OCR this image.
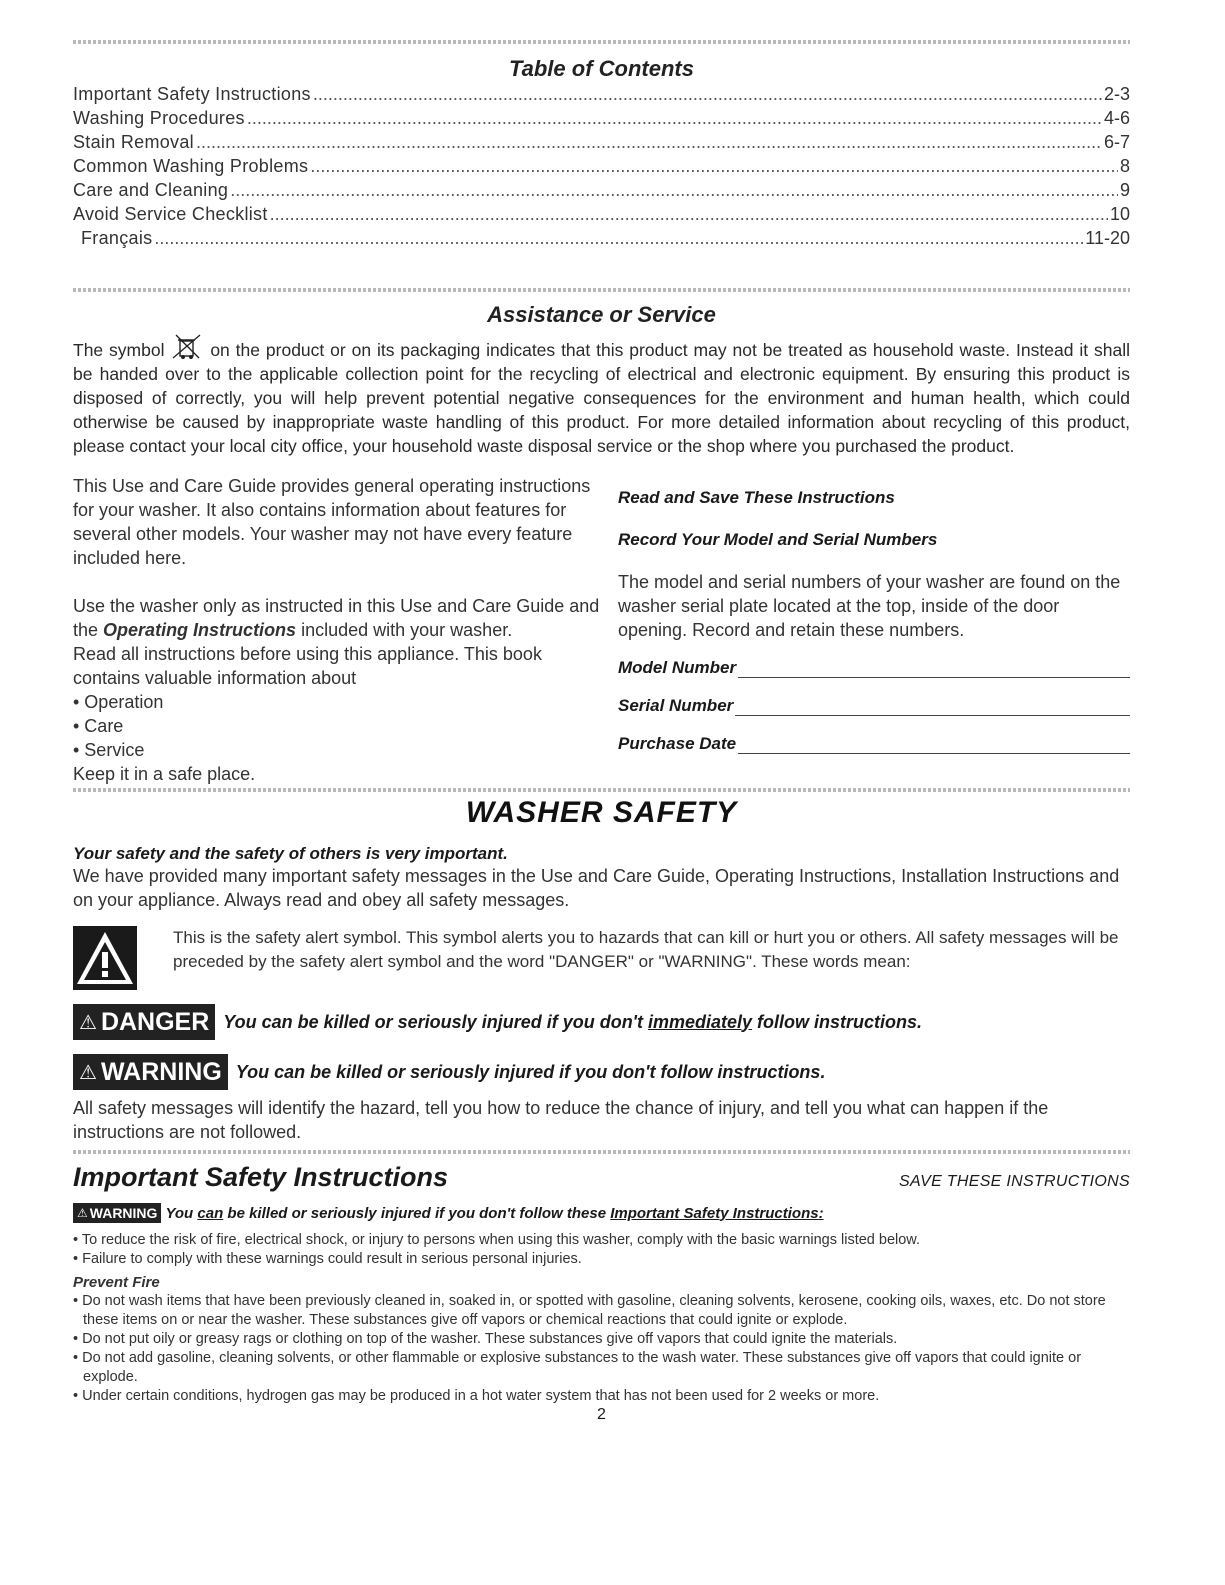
Table of Contents
Important Safety Instructions .....	2-3
Washing Procedures .....	4-6
Stain Removal .....	6-7
Common Washing Problems .....	8
Care and Cleaning .....	9
Avoid Service Checklist .....	10
Français .....	11-20
Assistance or Service

The symbol	on the product or on its packaging indicates that this product may not be treated as household waste. Instead it shall be handed over to the applicable collection point for the recycling of electrical and electronic equipment. By ensuring this product is disposed of correctly, you will help prevent potential negative consequences for the environment and human health, which could otherwise be caused by inappropriate waste handling of this product. For more detailed information about recycling of this product, please contact your local city office, your household waste disposal service or the shop where you purchased the product.

This Use and Care Guide provides general operating instructions for your washer. It also contains information about features for several other models. Your washer may not have every feature included here.

Use the washer only as instructed in this Use and Care Guide and the Operating Instructions included with your washer.

Read all instructions before using this appliance. This book contains valuable information about

• Operation

• Care

• Service

Keep it in a safe place.

Read and Save These Instructions

Record Your Model and Serial Numbers

The model and serial numbers of your washer are found on the washer serial plate located at the top, inside of the door opening. Record and retain these numbers.

Model Number
Serial Number
Purchase Date
WASHER SAFETY

Your safety and the safety of others is very important.

We have provided many important safety messages in the Use and Care Guide, Operating Instructions, Installation Instructions and on your appliance. Always read and obey all safety messages.

This is the safety alert symbol. This symbol alerts you to hazards that can kill or hurt you or others. All safety messages will be preceded by the safety alert symbol and the word "DANGER" or "WARNING". These words mean:

⚠ DANGER You can be killed or seriously injured if you don't immediately follow instructions.
⚠ WARNING You can be killed or seriously injured if you don't follow instructions.

All safety messages will identify the hazard, tell you how to reduce the chance of injury, and tell you what can happen if the instructions are not followed.

Important Safety Instructions	SAVE THESE INSTRUCTIONS
⚠ WARNING You can be killed or seriously injured if you don't follow these Important Safety Instructions:

• To reduce the risk of fire, electrical shock, or injury to persons when using this washer, comply with the basic warnings listed below.

• Failure to comply with these warnings could result in serious personal injuries.

Prevent Fire

• Do not wash items that have been previously cleaned in, soaked in, or spotted with gasoline, cleaning solvents, kerosene, cooking oils, waxes, etc. Do not store these items on or near the washer. These substances give off vapors or chemical reactions that could ignite or explode.

• Do not put oily or greasy rags or clothing on top of the washer. These substances give off vapors that could ignite the materials.

• Do not add gasoline, cleaning solvents, or other flammable or explosive substances to the wash water. These substances give off vapors that could ignite or explode.

• Under certain conditions, hydrogen gas may be produced in a hot water system that has not been used for 2 weeks or more.

2
